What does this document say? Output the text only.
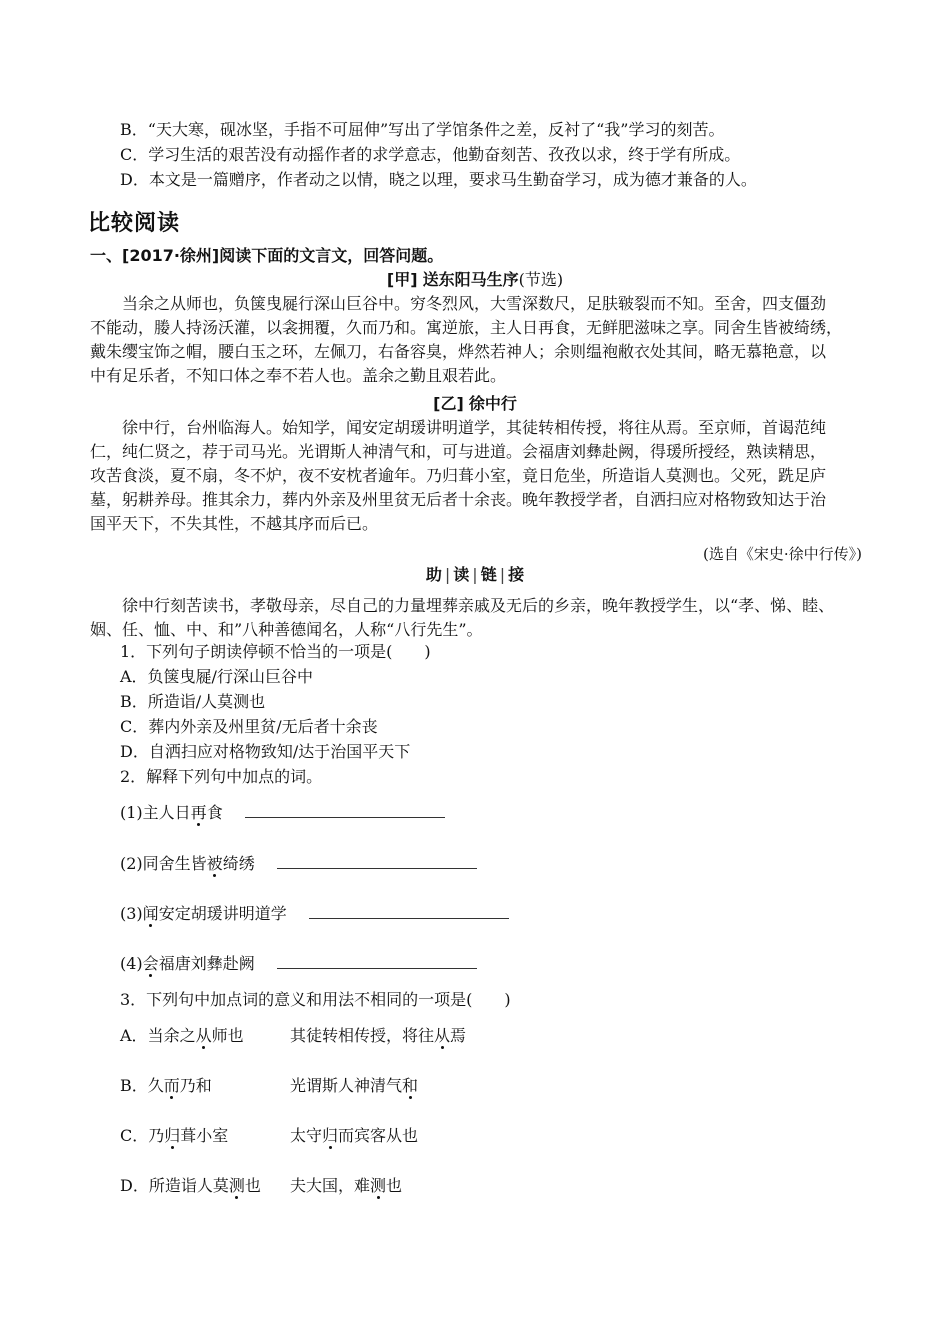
B．“天大寒，砚冰坚，手指不可屈伸”写出了学馆条件之差，反衬了“我”学习的刻苦。
C．学习生活的艰苦没有动摇作者的求学意志，他勤奋刻苦、孜孜以求，终于学有所成。
D．本文是一篇赠序，作者动之以情，晓之以理，要求马生勤奋学习，成为德才兼备的人。
比较阅读
一、[2017·徐州]阅读下面的文言文，回答问题。
[甲] 送东阳马生序(节选)
当余之从师也，负箧曳屣行深山巨谷中。穷冬烈风，大雪深数尺，足肤皲裂而不知。至舍，四支僵劲
不能动，媵人持汤沃灌，以衾拥覆，久而乃和。寓逆旅，主人日再食，无鲜肥滋味之享。同舍生皆被绮绣，
戴朱缨宝饰之帽，腰白玉之环，左佩刀，右备容臭，烨然若神人；余则缊袍敝衣处其间，略无慕艳意，以
中有足乐者，不知口体之奉不若人也。盖余之勤且艰若此。
[乙] 徐中行
徐中行，台州临海人。始知学，闻安定胡瑗讲明道学，其徒转相传授，将往从焉。至京师，首谒范纯
仁，纯仁贤之，荐于司马光。光谓斯人神清气和，可与进道。会福唐刘彝赴阙，得瑗所授经，熟读精思，
攻苦食淡，夏不扇，冬不炉，夜不安枕者逾年。乃归葺小室，竟日危坐，所造诣人莫测也。父死，跣足庐
墓，躬耕养母。推其余力，葬内外亲及州里贫无后者十余丧。晚年教授学者，自洒扫应对格物致知达于治
国平天下，不失其性，不越其序而后已。
(选自《宋史·徐中行传》)
助 | 读 | 链 | 接
徐中行刻苦读书，孝敬母亲，尽自己的力量埋葬亲戚及无后的乡亲，晚年教授学生，以“孝、悌、睦、
姻、任、恤、中、和”八种善德闻名，人称“八行先生”。
1．下列句子朗读停顿不恰当的一项是(　　)
A．负箧曳屣/行深山巨谷中
B．所造诣/人莫测也
C．葬内外亲及州里贫/无后者十余丧
D．自洒扫应对格物致知/达于治国平天下
2．解释下列句中加点的词。
(1)主人日再食
(2)同舍生皆被绮绣
(3)闻安定胡瑗讲明道学
(4)会福唐刘彝赴阙
3．下列句中加点词的意义和用法不相同的一项是(　　)
A．当余之从师也	其徒转相传授，将往从焉
B．久而乃和	光谓斯人神清气和
C．乃归葺小室	太守归而宾客从也
D．所造诣人莫测也 夫大国，难测也
